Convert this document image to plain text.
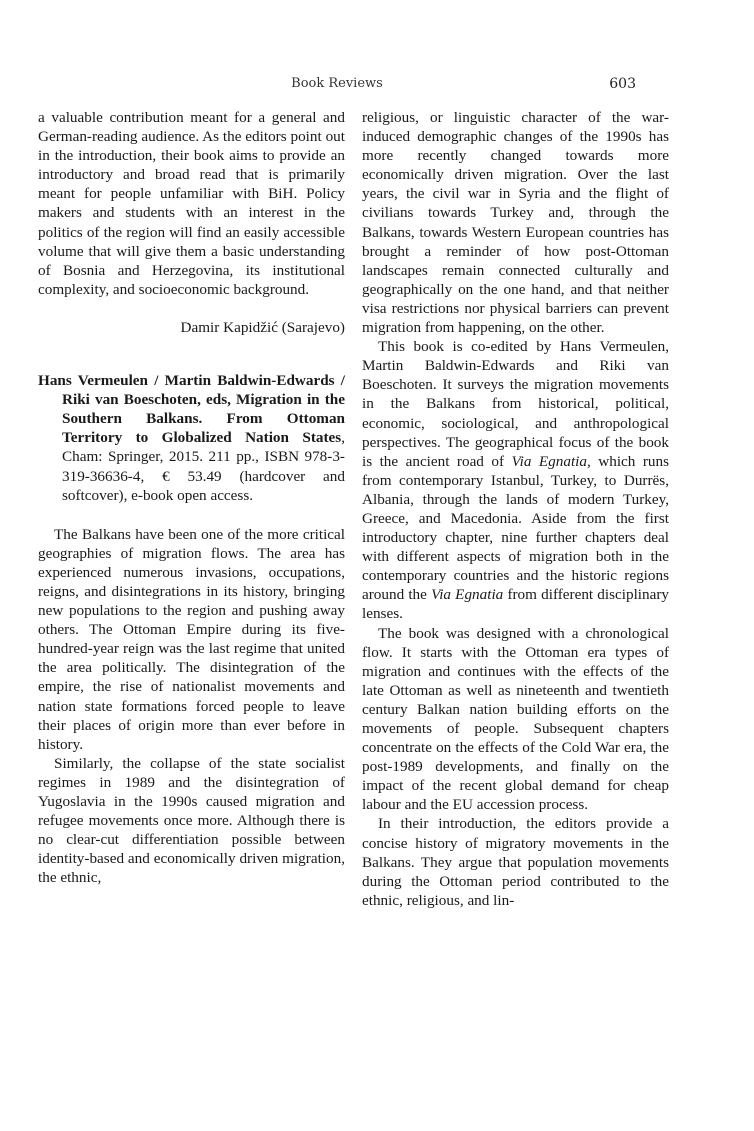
Book Reviews	603

a valuable contribution meant for a general and German-reading audience. As the editors point out in the introduction, their book aims to provide an introductory and broad read that is primarily meant for people unfamiliar with BiH. Policy makers and students with an interest in the politics of the region will find an easily accessible volume that will give them a basic understanding of Bosnia and Herzegovina, its institutional complexity, and socioeconomic background.

Damir Kapidžić (Sarajevo)

Hans Vermeulen / Martin Baldwin-Edwards / Riki van Boeschoten, eds, Migration in the Southern Balkans. From Ottoman Territory to Globalized Nation States, Cham: Springer, 2015. 211 pp., ISBN 978-3-319-36636-4, € 53.49 (hardcover and softcover), e-book open access.

The Balkans have been one of the more critical geographies of migration flows. The area has experienced numerous invasions, occupations, reigns, and disintegrations in its history, bringing new populations to the region and pushing away others. The Ottoman Empire during its five-hundred-year reign was the last regime that united the area politically. The disintegration of the empire, the rise of nationalist movements and nation state formations forced people to leave their places of origin more than ever before in history.

Similarly, the collapse of the state socialist regimes in 1989 and the disintegration of Yugoslavia in the 1990s caused migration and refugee movements once more. Although there is no clear-cut differentiation possible between identity-based and economically driven migration, the ethnic,

religious, or linguistic character of the war-induced demographic changes of the 1990s has more recently changed towards more economically driven migration. Over the last years, the civil war in Syria and the flight of civilians towards Turkey and, through the Balkans, towards Western European countries has brought a reminder of how post-Ottoman landscapes remain connected culturally and geographically on the one hand, and that neither visa restrictions nor physical barriers can prevent migration from happening, on the other.

This book is co-edited by Hans Vermeulen, Martin Baldwin-Edwards and Riki van Boeschoten. It surveys the migration movements in the Balkans from historical, political, economic, sociological, and anthropological perspectives. The geographical focus of the book is the ancient road of Via Egnatia, which runs from contemporary Istanbul, Turkey, to Durrës, Albania, through the lands of modern Turkey, Greece, and Macedonia. Aside from the first introductory chapter, nine further chapters deal with different aspects of migration both in the contemporary countries and the historic regions around the Via Egnatia from different disciplinary lenses.

The book was designed with a chronological flow. It starts with the Ottoman era types of migration and continues with the effects of the late Ottoman as well as nineteenth and twentieth century Balkan nation building efforts on the movements of people. Subsequent chapters concentrate on the effects of the Cold War era, the post-1989 developments, and finally on the impact of the recent global demand for cheap labour and the EU accession process.

In their introduction, the editors provide a concise history of migratory movements in the Balkans. They argue that population movements during the Ottoman period contributed to the ethnic, religious, and lin-
